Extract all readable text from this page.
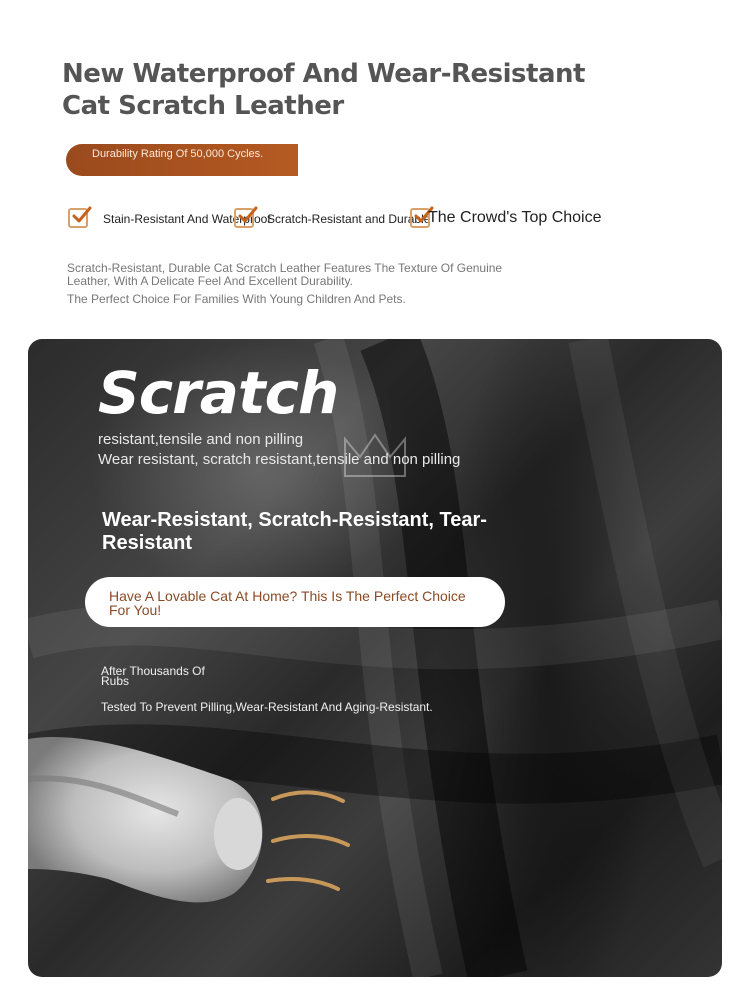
New Waterproof And Wear-Resistant Cat Scratch Leather
Durability Rating Of 50,000 Cycles.
Stain-Resistant And Waterproof
Scratch-Resistant and Durable
The Crowd's Top Choice

Scratch-Resistant, Durable Cat Scratch Leather Features The Texture Of Genuine Leather, With A Delicate Feel And Excellent Durability.

The Perfect Choice For Families With Young Children And Pets.

Scratch
resistant,tensile and non pilling
Wear resistant, scratch resistant,tensile and non pilling
Wear-Resistant, Scratch-Resistant, Tear-Resistant
Have A Lovable Cat At Home? This Is The Perfect Choice For You!
After Thousands Of Rubs
Tested To Prevent Pilling,Wear-Resistant And Aging-Resistant.
